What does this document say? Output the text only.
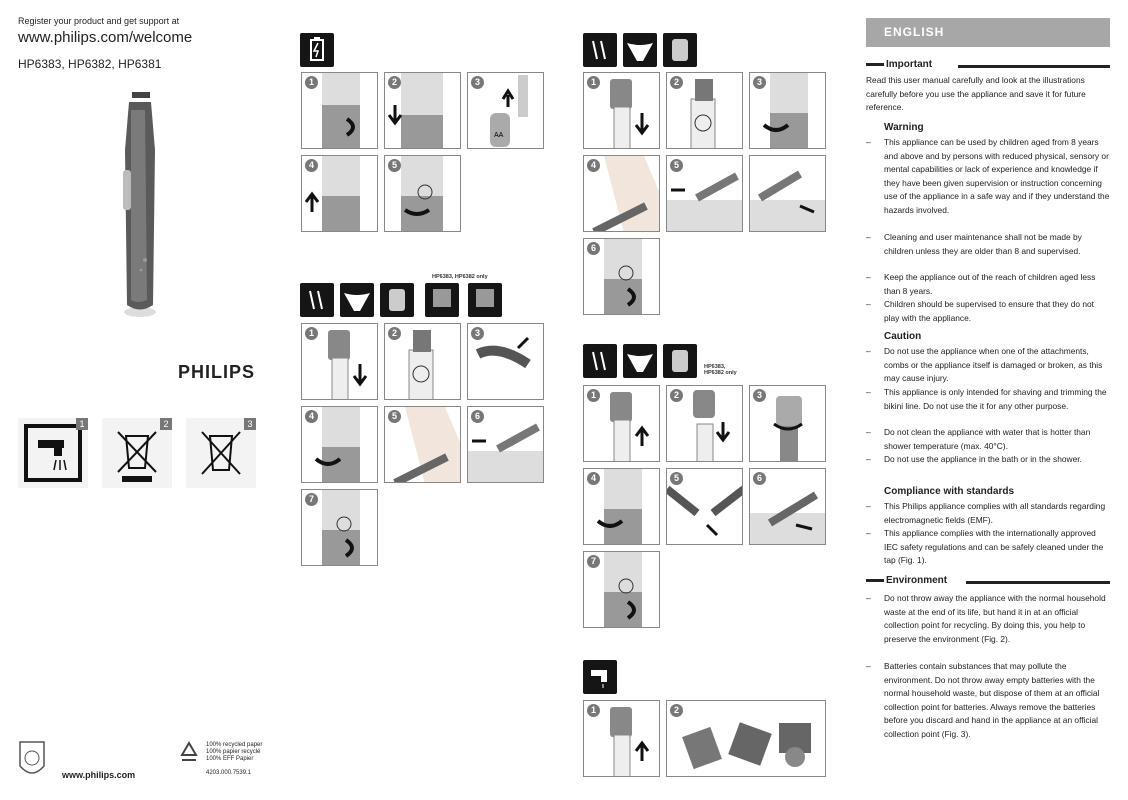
Register your product and get support at
www.philips.com/welcome
HP6383, HP6382, HP6381
PHILIPS
1	2	3
www.philips.com
100% recycled paper
100% papier recyclé
100% EFF Papier
4203.000.7539.1
1	2	3
AA
4	5
HP6383, HP6382 only
1	2	3
4	5	6
7
1	2	3
4	5
6
HP6383,
HP6382 only
1	2	3
4	5	6
7
1	2
ENGLISH
Important
Read this user manual carefully and look at the illustrations carefully before you use the appliance and save it for future reference.
Warning
– This appliance can be used by children aged from 8 years and above and by persons with reduced physical, sensory or mental capabilities or lack of experience and knowledge if they have been given supervision or instruction concerning use of the appliance in a safe way and if they understand the hazards involved.
– Cleaning and user maintenance shall not be made by children unless they are older than 8 and supervised.
– Keep the appliance out of the reach of children aged less than 8 years.
– Children should be supervised to ensure that they do not play with the appliance.
Caution
– Do not use the appliance when one of the attachments, combs or the appliance itself is damaged or broken, as this may cause injury.
– This appliance is only intended for shaving and trimming the bikini line. Do not use the it for any other purpose.
– Do not clean the appliance with water that is hotter than shower temperature (max. 40°C).
– Do not use the appliance in the bath or in the shower.
Compliance with standards
– This Philips appliance complies with all standards regarding electromagnetic fields (EMF).
– This appliance complies with the internationally approved IEC safety regulations and can be safely cleaned under the tap (Fig. 1).
Environment
– Do not throw away the appliance with the normal household waste at the end of its life, but hand it in at an official collection point for recycling. By doing this, you help to preserve the environment (Fig. 2).
– Batteries contain substances that may pollute the environment. Do not throw away empty batteries with the normal household waste, but dispose of them at an official collection point for batteries. Always remove the batteries before you discard and hand in the appliance at an official collection point (Fig. 3).
